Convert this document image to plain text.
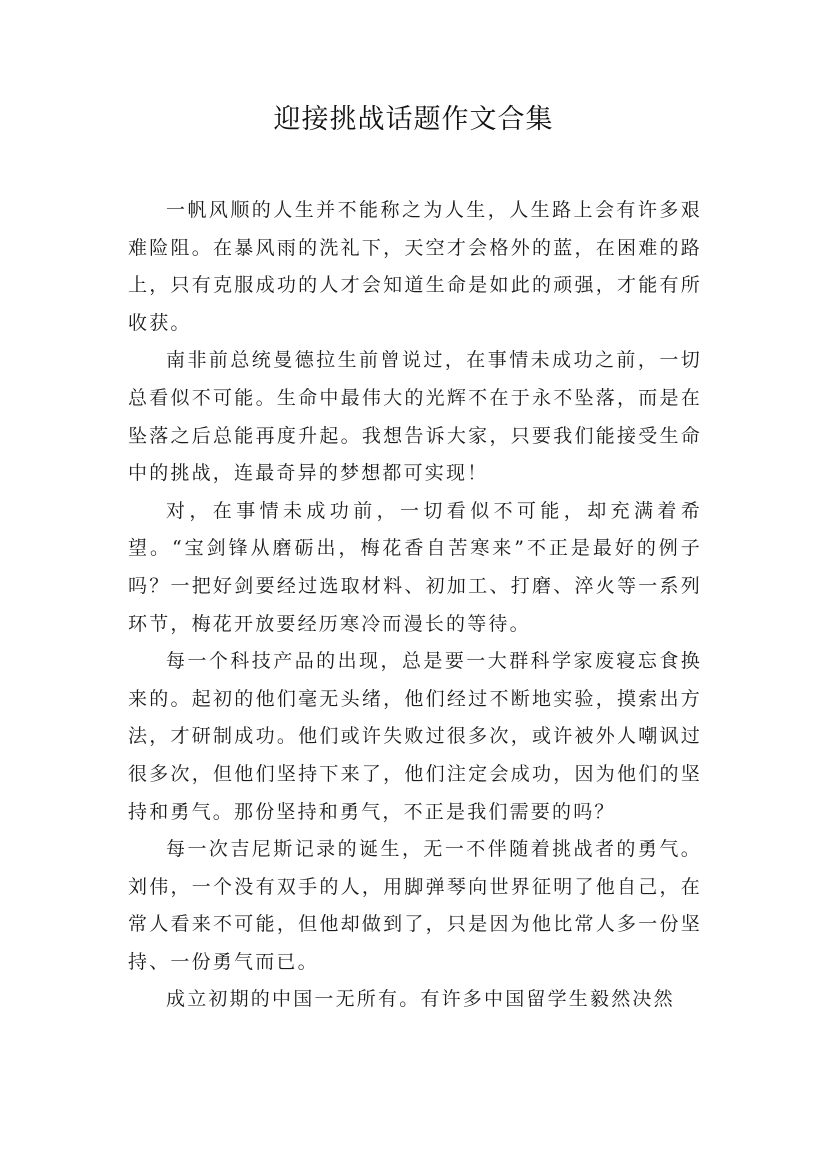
迎接挑战话题作文合集

一帆风顺的人生并不能称之为人生，人生路上会有许多艰难险阻。在暴风雨的洗礼下，天空才会格外的蓝，在困难的路上，只有克服成功的人才会知道生命是如此的顽强，才能有所收获。

南非前总统曼德拉生前曾说过，在事情未成功之前，一切总看似不可能。生命中最伟大的光辉不在于永不坠落，而是在坠落之后总能再度升起。我想告诉大家，只要我们能接受生命中的挑战，连最奇异的梦想都可实现！

对，在事情未成功前，一切看似不可能，却充满着希望。“宝剑锋从磨砺出，梅花香自苦寒来”不正是最好的例子吗？一把好剑要经过选取材料、初加工、打磨、淬火等一系列环节，梅花开放要经历寒冷而漫长的等待。

每一个科技产品的出现，总是要一大群科学家废寝忘食换来的。起初的他们毫无头绪，他们经过不断地实验，摸索出方法，才研制成功。他们或许失败过很多次，或许被外人嘲讽过很多次，但他们坚持下来了，他们注定会成功，因为他们的坚持和勇气。那份坚持和勇气，不正是我们需要的吗？

每一次吉尼斯记录的诞生，无一不伴随着挑战者的勇气。刘伟，一个没有双手的人，用脚弹琴向世界征明了他自己，在常人看来不可能，但他却做到了，只是因为他比常人多一份坚持、一份勇气而已。

成立初期的中国一无所有。有许多中国留学生毅然决然
